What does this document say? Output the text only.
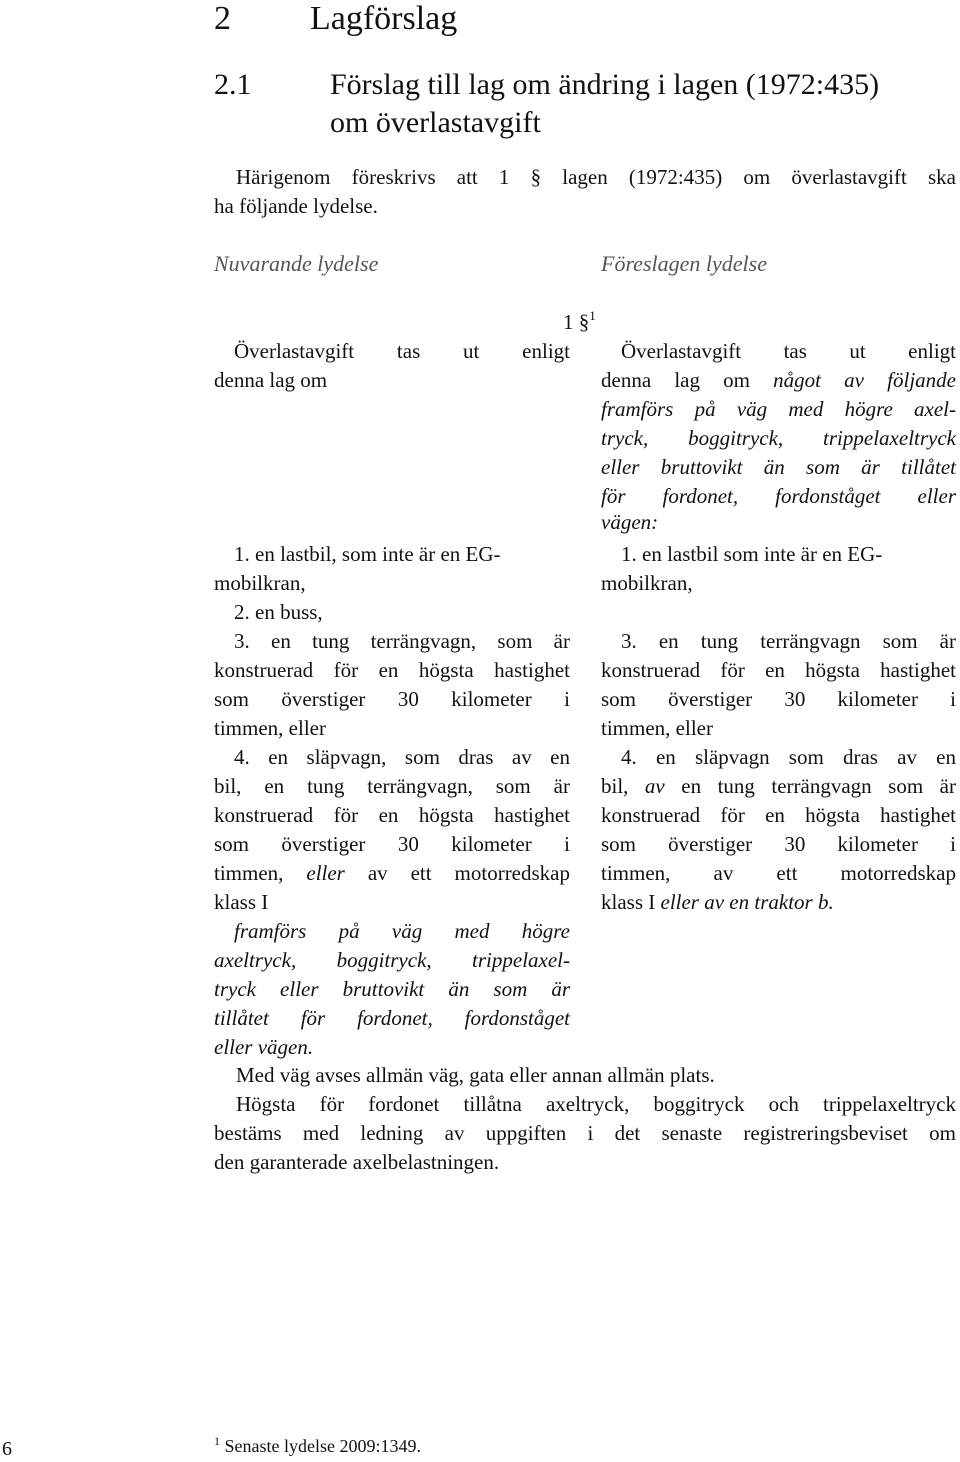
2 Lagförslag
2.1	Förslag till lag om ändring i lagen (1972:435)
om överlastavgift
Härigenom föreskrivs att 1 § lagen (1972:435) om överlastavgift ska
ha följande lydelse.
Nuvarande lydelse	Föreslagen lydelse
1 §$^1$
Överlastavgift tas ut enligt
denna lag om
1. en lastbil, som inte är en EG-
mobilkran,
2. en buss,
3. en tung terrängvagn, som är
konstruerad för en högsta hastighet
som överstiger 30 kilometer i
timmen, eller
4. en släpvagn, som dras av en
bil, en tung terrängvagn, som är
konstruerad för en högsta hastighet
som överstiger 30 kilometer i
timmen, eller av ett motorredskap
klass I
framförs på väg med högre
axeltryck, boggitryck, trippelaxel-
tryck eller bruttovikt än som är
tillåtet för fordonet, fordonståget
eller vägen.
Överlastavgift tas ut enligt
denna lag om något av följande
framförs på väg med högre axel-
tryck, boggitryck, trippelaxeltryck
eller bruttovikt än som är tillåtet
för fordonet, fordonståget eller
vägen:
1. en lastbil som inte är en EG-
mobilkran,
3. en tung terrängvagn som är
konstruerad för en högsta hastighet
som överstiger 30 kilometer i
timmen, eller
4. en släpvagn som dras av en
bil, av en tung terrängvagn som är
konstruerad för en högsta hastighet
som överstiger 30 kilometer i
timmen, av ett motorredskap
klass I eller av en traktor b.
Med väg avses allmän väg, gata eller annan allmän plats.
Högsta för fordonet tillåtna axeltryck, boggitryck och trippelaxeltryck
bestäms med ledning av uppgiften i det senaste registreringsbeviset om
den garanterade axelbelastningen.
$^1$ Senaste lydelse 2009:1349.
6
